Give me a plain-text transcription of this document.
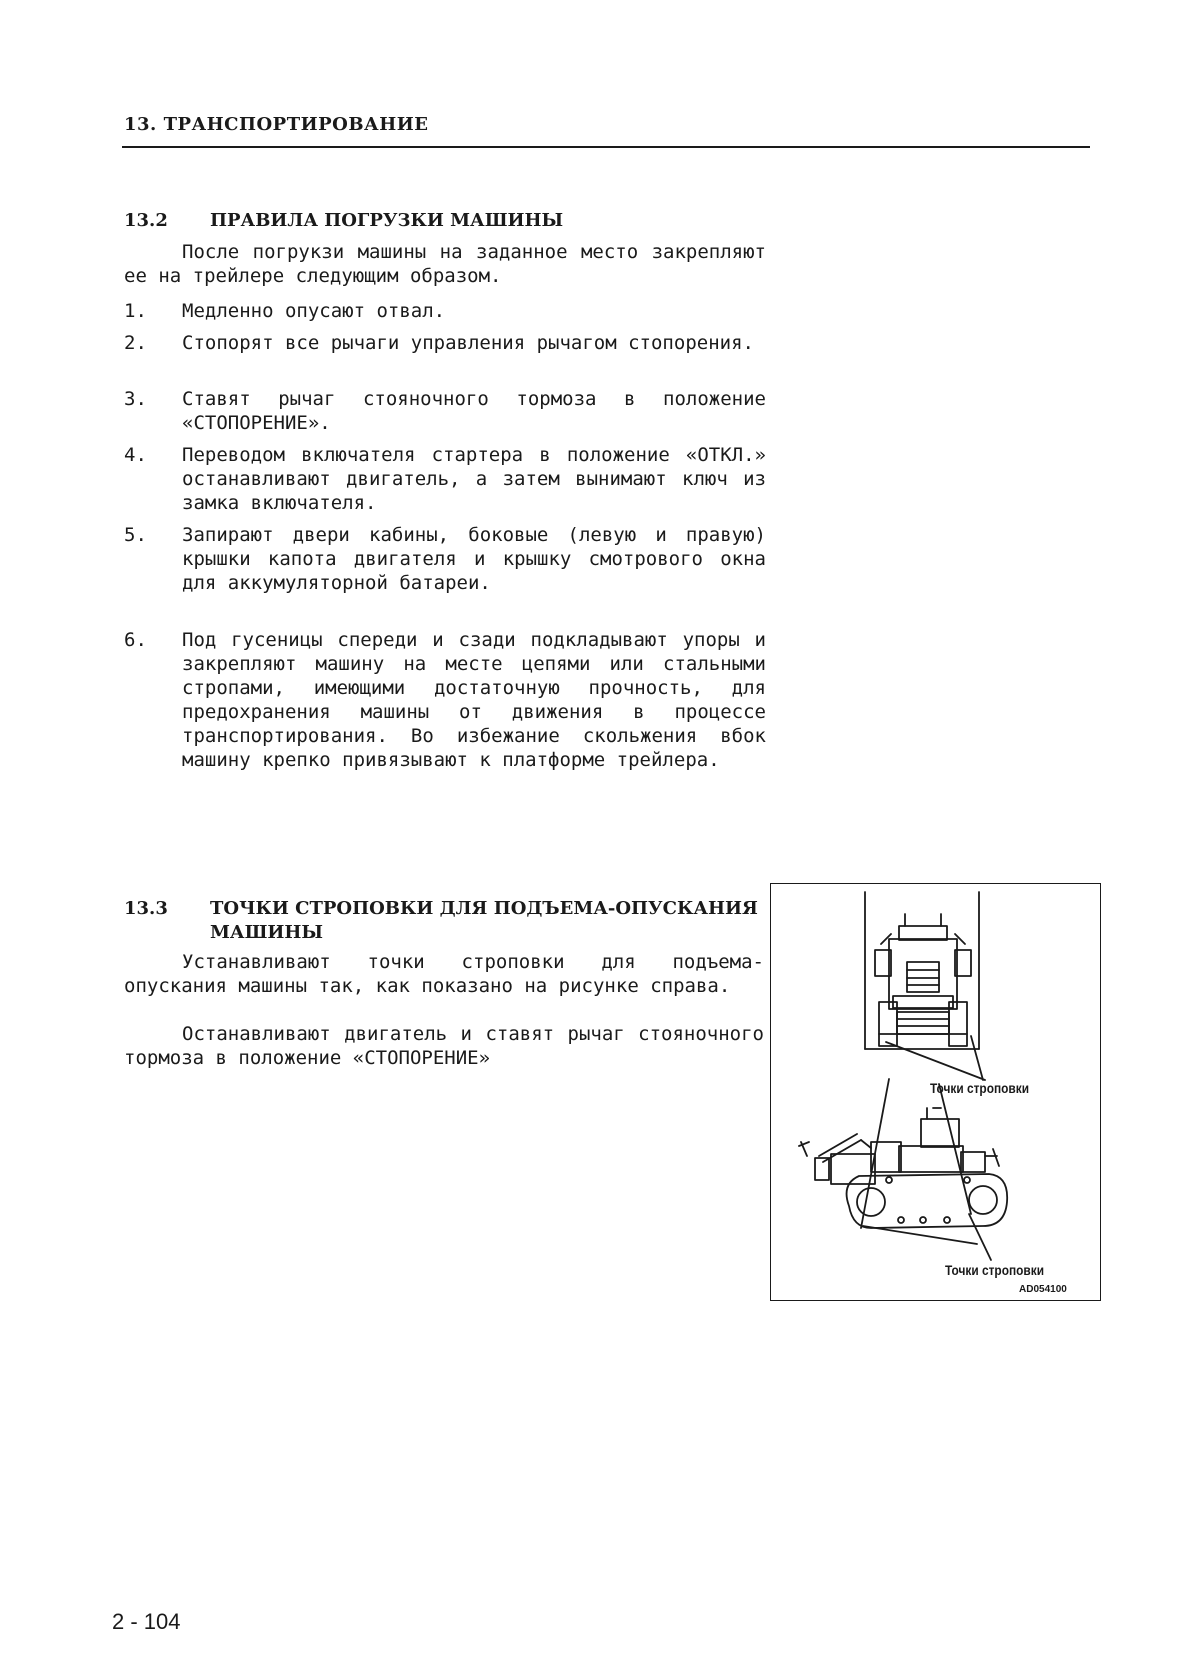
13. ТРАНСПОРТИРОВАНИЕ
13.2 ПРАВИЛА ПОГРУЗКИ МАШИНЫ

После погрукзи машины на заданное место закрепляют ее на трейлере следующим образом.

1.	Медленно опусают отвал.
2.	Стопорят все рычаги управления рычагом стопорения.
3.	Ставят рычаг стояночного тормоза в положение «СТОПОРЕНИЕ».
4.	Переводом включателя стартера в положение «ОТКЛ.» останавливают двигатель, а затем вынимают ключ из замка включателя.
5.	Запирают двери кабины, боковые (левую и правую) крышки капота двигателя и крышку смотрового окна для аккумуляторной батареи.
6.	Под гусеницы спереди и сзади подкладывают упоры и закрепляют машину на месте цепями или стальными стропами, имеющими достаточную прочность, для предохранения машины от движения в процессе транспортирования. Во избежание скольжения вбок машину крепко привязывают к платформе трейлера.
13.3 ТОЧКИ СТРОПОВКИ ДЛЯ ПОДЪЕМА-ОПУСКАНИЯ
МАШИНЫ

Устанавливают точки строповки для подъема-опускания машины так, как показано на рисунке справа.

Останавливают двигатель и ставят рычаг стояночного тормоза в положение «СТОПОРЕНИЕ»

Точки строповки
Точки строповки
AD054100
2 - 104
